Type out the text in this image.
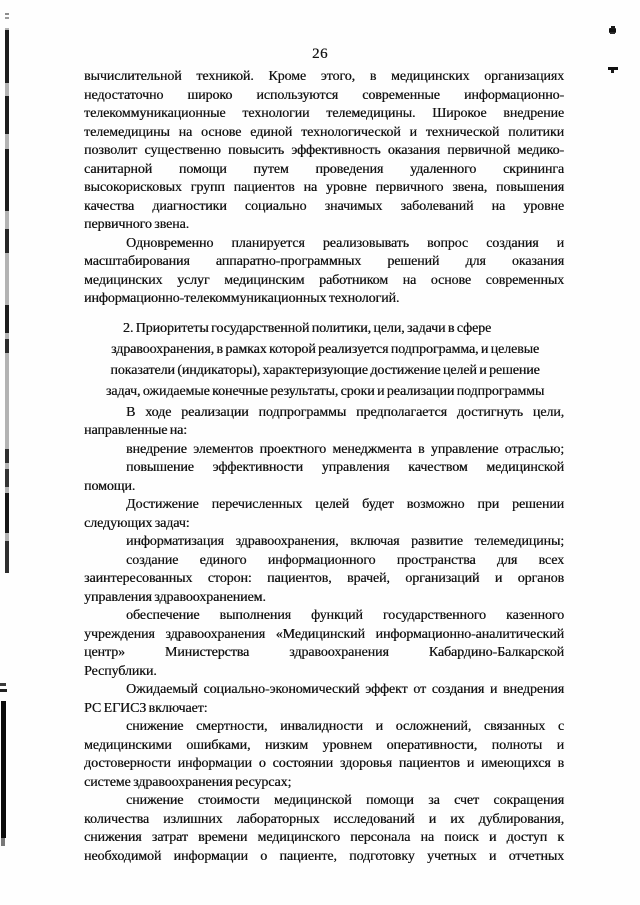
26
вычислительной техникой. Кроме этого, в медицинских организациях
недостаточно широко используются современные информационно-
телекоммуникационные технологии телемедицины. Широкое внедрение
телемедицины на основе единой технологической и технической политики
позволит существенно повысить эффективность оказания первичной медико-
санитарной помощи путем проведения удаленного скрининга
высокорисковых групп пациентов на уровне первичного звена, повышения
качества диагностики социально значимых заболеваний на уровне
первичного звена.
Одновременно планируется реализовывать вопрос создания и
масштабирования аппаратно-программных решений для оказания
медицинских услуг медицинским работником на основе современных
информационно-телекоммуникационных технологий.
2. Приоритеты государственной политики, цели, задачи в сфере
здравоохранения, в рамках которой реализуется подпрограмма, и целевые
показатели (индикаторы), характеризующие достижение целей и решение
задач, ожидаемые конечные результаты, сроки и реализации подпрограммы
В ходе реализации подпрограммы предполагается достигнуть цели,
направленные на:
внедрение элементов проектного менеджмента в управление отраслью;
повышение эффективности управления качеством медицинской
помощи.
Достижение перечисленных целей будет возможно при решении
следующих задач:
информатизация здравоохранения, включая развитие телемедицины;
создание единого информационного пространства для всех
заинтересованных сторон: пациентов, врачей, организаций и органов
управления здравоохранением.
обеспечение выполнения функций государственного казенного
учреждения здравоохранения «Медицинский информационно-аналитический
центр» Министерства здравоохранения Кабардино-Балкарской
Республики.
Ожидаемый социально-экономический эффект от создания и внедрения
РС ЕГИСЗ включает:
снижение смертности, инвалидности и осложнений, связанных с
медицинскими ошибками, низким уровнем оперативности, полноты и
достоверности информации о состоянии здоровья пациентов и имеющихся в
системе здравоохранения ресурсах;
снижение стоимости медицинской помощи за счет сокращения
количества излишних лабораторных исследований и их дублирования,
снижения затрат времени медицинского персонала на поиск и доступ к
необходимой информации о пациенте, подготовку учетных и отчетных
